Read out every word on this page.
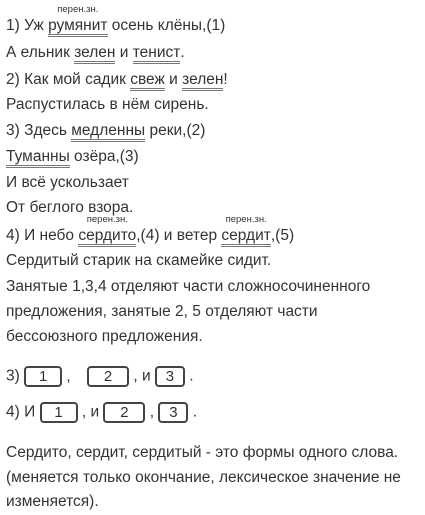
1) Уж
перен.зн.
румянит осень клёны,(1)
А ельник зелен и тенист.
2) Как мой садик свеж и зелен!
Распустилась в нём сирень.
3) Здесь медленны реки,(2)
Туманны озёра,(3)
И всё ускользает
От беглого взора.
4) И небо
перен.зн.
сердито,(4) и ветер
перен.зн.
сердит,(5)
Сердитый старик на скамейке сидит.
Занятые 1,3,4 отделяют части сложносочиненного
предложения, занятые 2, 5 отделяют части
бессоюзного предложения.
3) 1 , 2 , и 3 .
4) И 1 , и 2 , 3 .
Сердито, сердит, сердитый - это формы одного слова.
(меняется только окончание, лексическое значение не
изменяется).
